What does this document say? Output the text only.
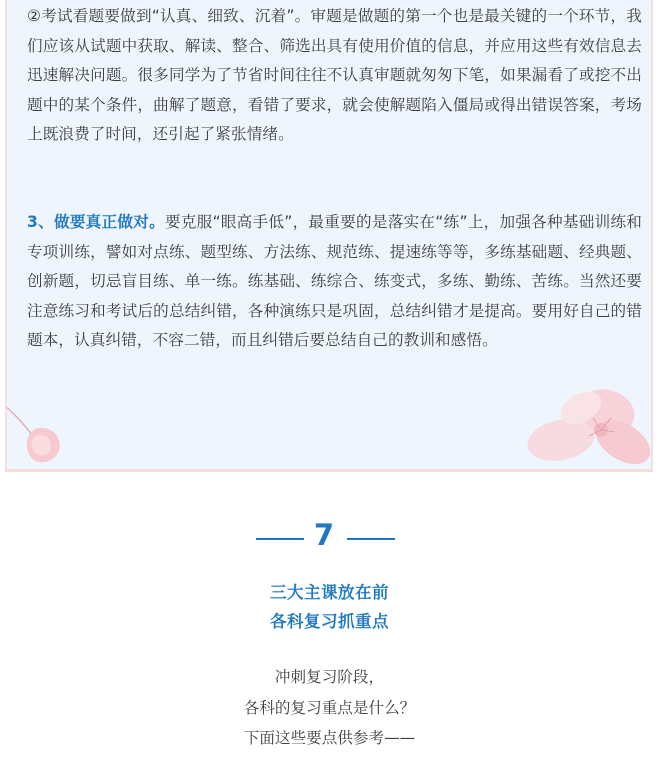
②考试看题要做到“认真、细致、沉着”。审题是做题的第一个也是最关键的一个环节，我们应该从试题中获取、解读、整合、筛选出具有使用价值的信息，并应用这些有效信息去迅速解决问题。很多同学为了节省时间往往不认真审题就匆匆下笔，如果漏看了或挖不出题中的某个条件，曲解了题意，看错了要求，就会使解题陷入僵局或得出错误答案，考场上既浪费了时间，还引起了紧张情绪。

3、做要真正做对。要克服“眼高手低”，最重要的是落实在“练”上，加强各种基础训练和专项训练，譬如对点练、题型练、方法练、规范练、提速练等等，多练基础题、经典题、创新题，切忌盲目练、单一练。练基础、练综合、练变式，多练、勤练、苦练。当然还要注意练习和考试后的总结纠错，各种演练只是巩固，总结纠错才是提高。要用好自己的错题本，认真纠错，不容二错，而且纠错后要总结自己的教训和感悟。

7
三大主课放在前
各科复习抓重点
冲刺复习阶段，
各科的复习重点是什么？
下面这些要点供参考——
